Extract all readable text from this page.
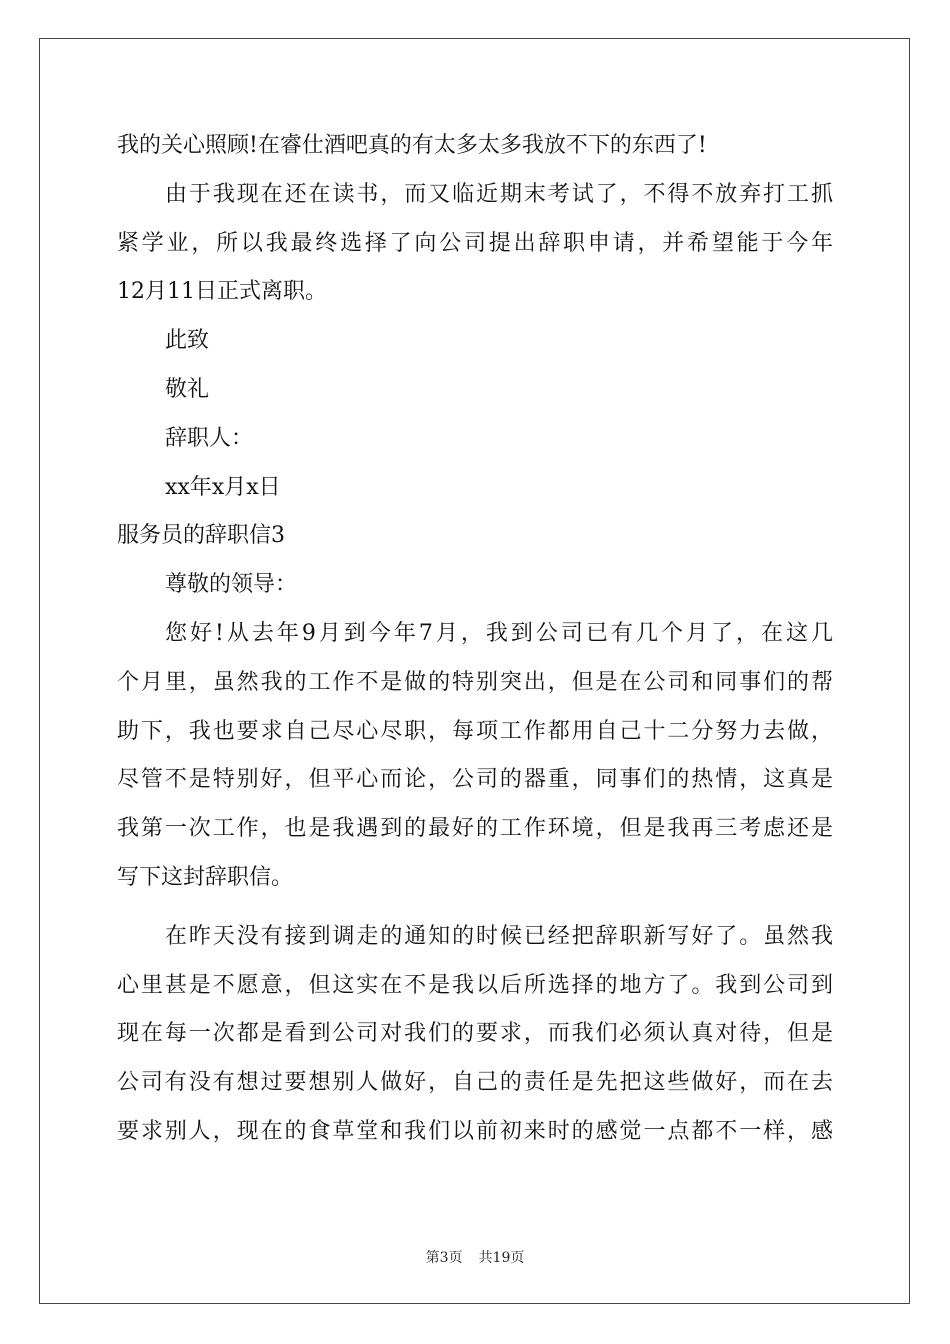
我的关心照顾!在睿仕酒吧真的有太多太多我放不下的东西了!
由于我现在还在读书，而又临近期末考试了，不得不放弃打工抓
紧学业，所以我最终选择了向公司提出辞职申请，并希望能于今年
12月11日正式离职。
此致
敬礼
辞职人：
xx年x月x日
服务员的辞职信3
尊敬的领导：
您好!从去年9月到今年7月，我到公司已有几个月了，在这几
个月里，虽然我的工作不是做的特别突出，但是在公司和同事们的帮
助下，我也要求自己尽心尽职，每项工作都用自己十二分努力去做，
尽管不是特别好，但平心而论，公司的器重，同事们的热情，这真是
我第一次工作，也是我遇到的最好的工作环境，但是我再三考虑还是
写下这封辞职信。
在昨天没有接到调走的通知的时候已经把辞职新写好了。虽然我
心里甚是不愿意，但这实在不是我以后所选择的地方了。我到公司到
现在每一次都是看到公司对我们的要求，而我们必须认真对待，但是
公司有没有想过要想别人做好，自己的责任是先把这些做好，而在去
要求别人，现在的食草堂和我们以前初来时的感觉一点都不一样，感
第3页 共19页
